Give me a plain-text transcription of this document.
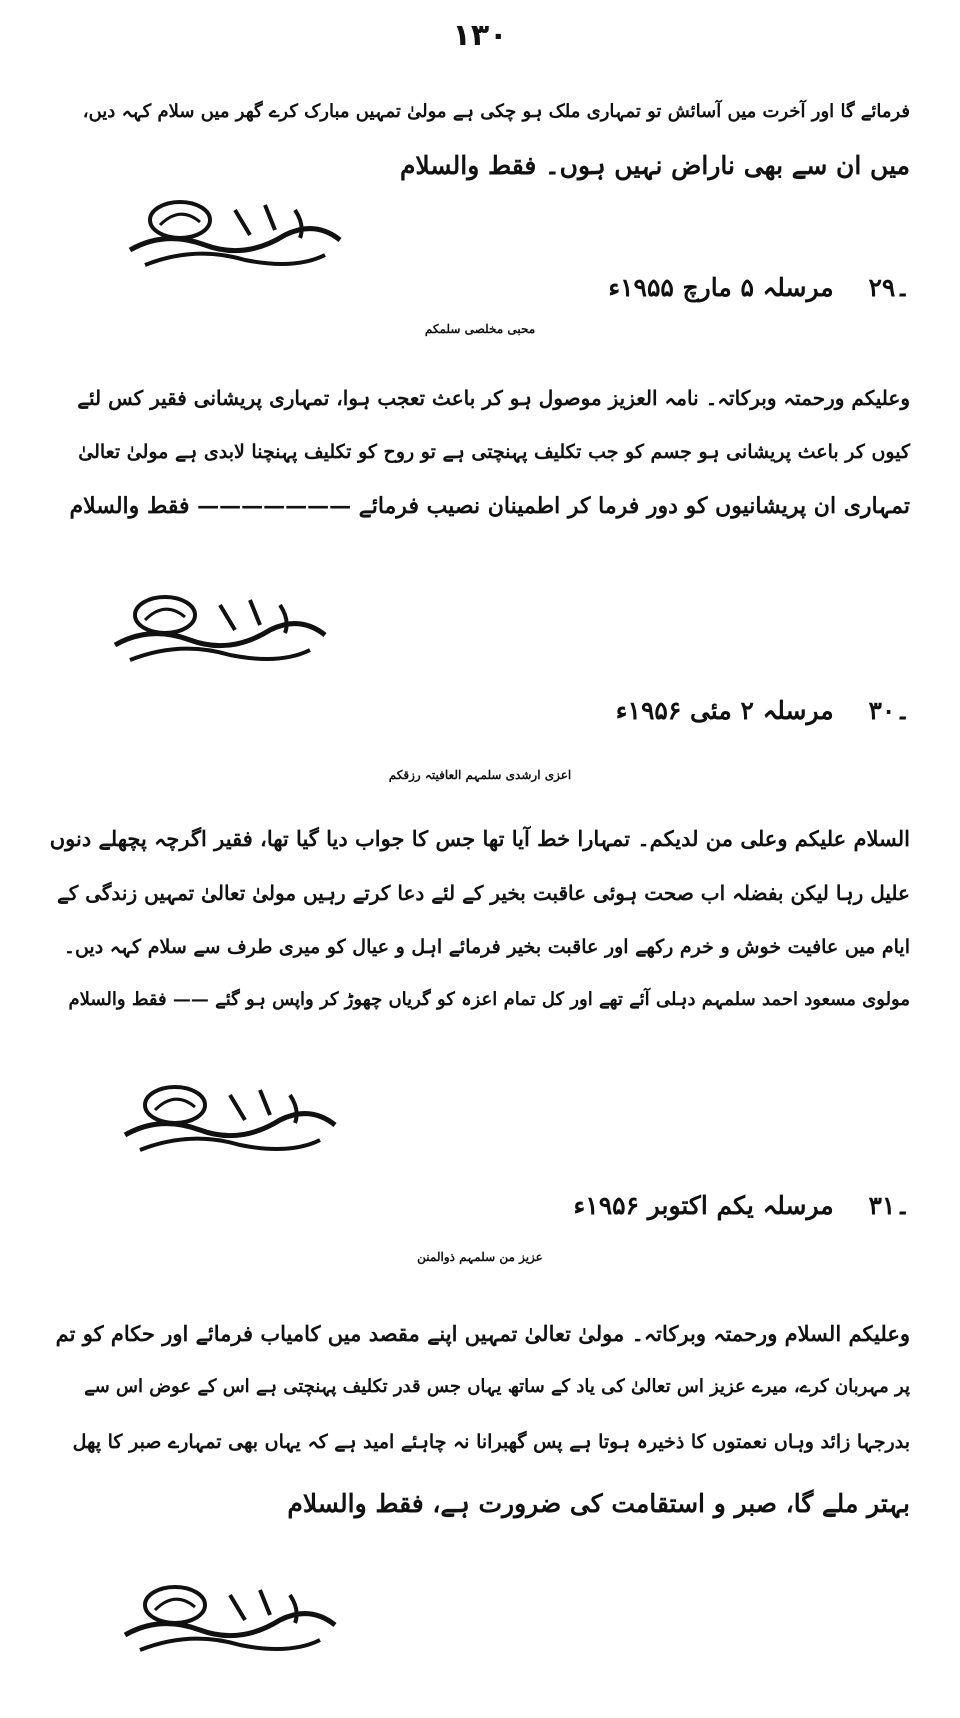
۱۳۰
فرمائے گا اور آخرت میں آسائش تو تمہاری ملک ہو چکی ہے مولیٰ تمہیں مبارک کرے گھر میں سلام کہہ دیں،
میں ان سے بھی ناراض نہیں ہوں۔ فقط والسلام
۔۲۹    مرسلہ ۵ مارچ ۱۹۵۵ء
محبی مخلصی سلمکم
وعلیکم ورحمتہ وبرکاتہ۔ نامہ العزیز موصول ہو کر باعث تعجب ہوا، تمہاری پریشانی فقیر کس لئے
کیوں کر باعث پریشانی ہو جسم کو جب تکلیف پہنچتی ہے تو روح کو تکلیف پہنچنا لابدی ہے مولیٰ تعالیٰ
تمہاری ان پریشانیوں کو دور فرما کر اطمینان نصیب فرمائے ——————— فقط والسلام
۔۳۰    مرسلہ ۲ مئی ۱۹۵۶ء
اعزی ارشدی سلمہم العافیتہ رزقکم
السلام علیکم وعلی من لدیکم۔ تمہارا خط آیا تھا جس کا جواب دیا گیا تھا، فقیر اگرچہ پچھلے دنوں
علیل رہا لیکن بفضلہ اب صحت ہوئی عاقبت بخیر کے لئے دعا کرتے رہیں مولیٰ تعالیٰ تمہیں زندگی کے
ایام میں عافیت خوش و خرم رکھے اور عاقبت بخیر فرمائے اہل و عیال کو میری طرف سے سلام کہہ دیں۔
مولوی مسعود احمد سلمہم دہلی آئے تھے اور کل تمام اعزہ کو گریاں چھوڑ کر واپس ہو گئے —— فقط والسلام
۔۳۱    مرسلہ یکم اکتوبر ۱۹۵۶ء
عزیز من سلمہم ذوالمنن
وعلیکم السلام ورحمتہ وبرکاتہ۔ مولیٰ تعالیٰ تمہیں اپنے مقصد میں کامیاب فرمائے اور حکام کو تم
پر مہربان کرے، میرے عزیز اس تعالیٰ کی یاد کے ساتھ یہاں جس قدر تکلیف پہنچتی ہے اس کے عوض اس سے
بدرجہا زائد وہاں نعمتوں کا ذخیرہ ہوتا ہے پس گھبرانا نہ چاہئے امید ہے کہ یہاں بھی تمہارے صبر کا پھل
بہتر ملے گا، صبر و استقامت کی ضرورت ہے، فقط والسلام
